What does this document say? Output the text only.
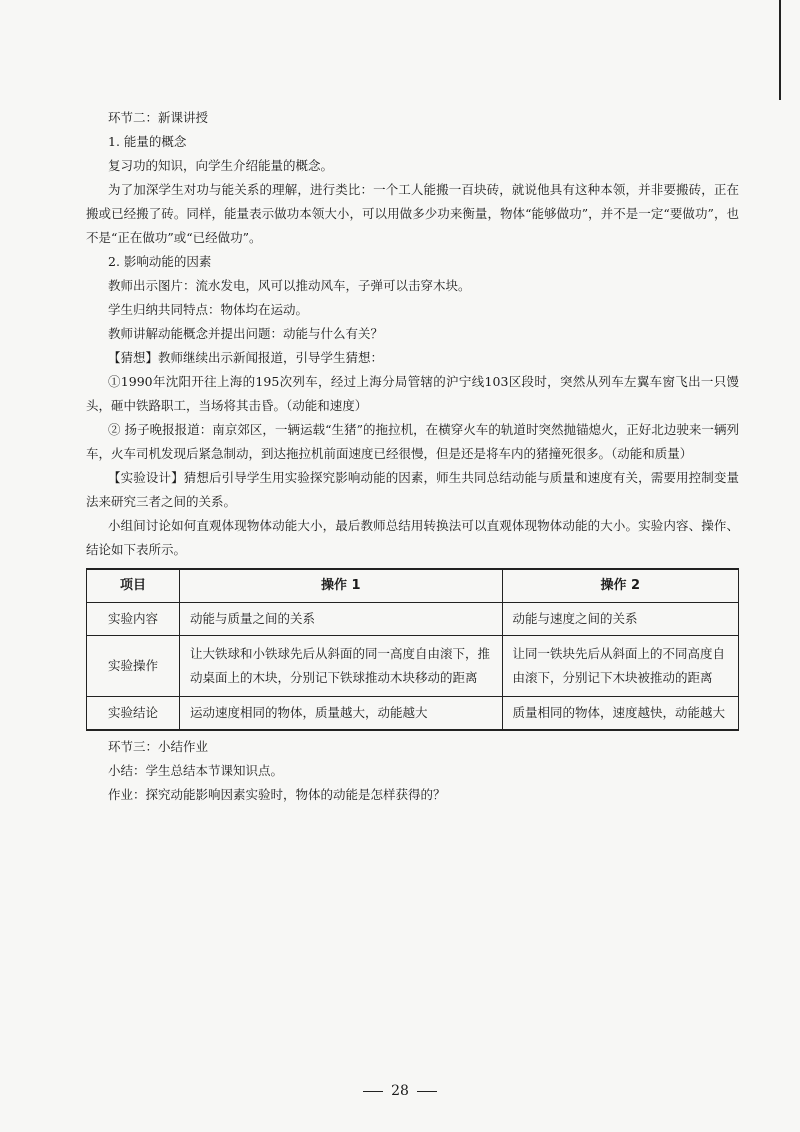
环节二：新课讲授

1. 能量的概念

复习功的知识，向学生介绍能量的概念。

为了加深学生对功与能关系的理解，进行类比：一个工人能搬一百块砖，就说他具有这种本领，并非要搬砖，正在搬或已经搬了砖。同样，能量表示做功本领大小，可以用做多少功来衡量，物体“能够做功”，并不是一定“要做功”，也不是“正在做功”或“已经做功”。

2. 影响动能的因素

教师出示图片：流水发电，风可以推动风车，子弹可以击穿木块。

学生归纳共同特点：物体均在运动。

教师讲解动能概念并提出问题：动能与什么有关？

【猜想】教师继续出示新闻报道，引导学生猜想：

①1990年沈阳开往上海的195次列车，经过上海分局管辖的沪宁线103区段时，突然从列车左翼车窗飞出一只馒头，砸中铁路职工，当场将其击昏。（动能和速度）

② 扬子晚报报道：南京郊区，一辆运载“生猪”的拖拉机，在横穿火车的轨道时突然抛锚熄火，正好北边驶来一辆列车，火车司机发现后紧急制动，到达拖拉机前面速度已经很慢，但是还是将车内的猪撞死很多。（动能和质量）

【实验设计】猜想后引导学生用实验探究影响动能的因素，师生共同总结动能与质量和速度有关，需要用控制变量法来研究三者之间的关系。

小组间讨论如何直观体现物体动能大小，最后教师总结用转换法可以直观体现物体动能的大小。实验内容、操作、结论如下表所示。

项目	操作 1	操作 2
实验内容	动能与质量之间的关系	动能与速度之间的关系
实验操作	让大铁球和小铁球先后从斜面的同一高度自由滚下，推动桌面上的木块，分别记下铁球推动木块移动的距离	让同一铁块先后从斜面上的不同高度自由滚下，分别记下木块被推动的距离
实验结论	运动速度相同的物体，质量越大，动能越大	质量相同的物体，速度越快，动能越大

环节三：小结作业

小结：学生总结本节课知识点。

作业：探究动能影响因素实验时，物体的动能是怎样获得的？

28
